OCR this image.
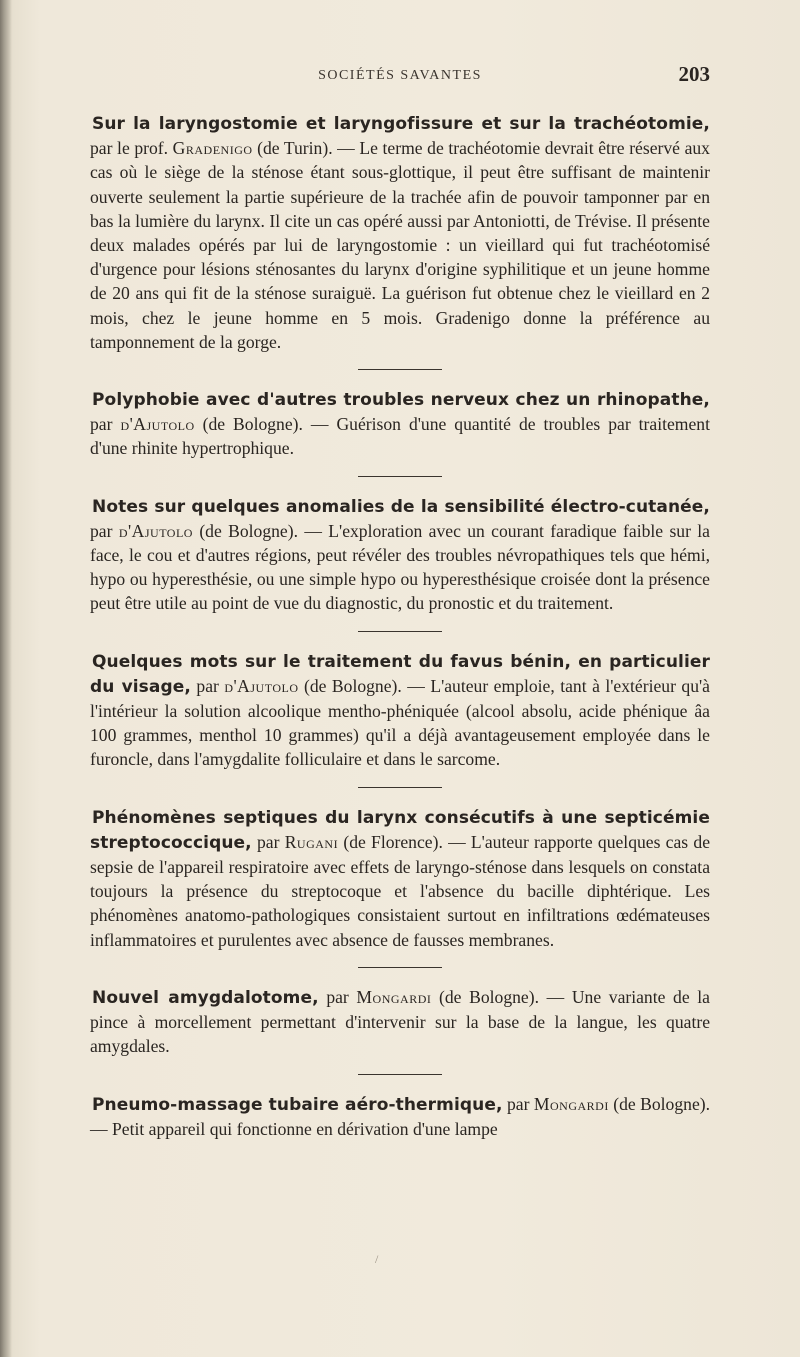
SOCIÉTÉS SAVANTES	203

Sur la laryngostomie et laryngofissure et sur la trachéotomie, par le prof. Gradenigo (de Turin). — Le terme de trachéotomie devrait être réservé aux cas où le siège de la sténose étant sous-glottique, il peut être suffisant de maintenir ouverte seulement la partie supérieure de la trachée afin de pouvoir tamponner par en bas la lumière du larynx. Il cite un cas opéré aussi par Antoniotti, de Trévise. Il présente deux malades opérés par lui de laryngostomie : un vieillard qui fut trachéotomisé d'urgence pour lésions sténosantes du larynx d'origine syphilitique et un jeune homme de 20 ans qui fit de la sténose suraiguë. La guérison fut obtenue chez le vieillard en 2 mois, chez le jeune homme en 5 mois. Gradenigo donne la préférence au tamponnement de la gorge.

Polyphobie avec d'autres troubles nerveux chez un rhinopathe, par d'Ajutolo (de Bologne). — Guérison d'une quantité de troubles par traitement d'une rhinite hypertrophique.

Notes sur quelques anomalies de la sensibilité électro-cutanée, par d'Ajutolo (de Bologne). — L'exploration avec un courant faradique faible sur la face, le cou et d'autres régions, peut révéler des troubles névropathiques tels que hémi, hypo ou hyperesthésie, ou une simple hypo ou hyperesthésique croisée dont la présence peut être utile au point de vue du diagnostic, du pronostic et du traitement.

Quelques mots sur le traitement du favus bénin, en particulier du visage, par d'Ajutolo (de Bologne). — L'auteur emploie, tant à l'extérieur qu'à l'intérieur la solution alcoolique mentho-phéniquée (alcool absolu, acide phénique âa 100 grammes, menthol 10 grammes) qu'il a déjà avantageusement employée dans le furoncle, dans l'amygdalite folliculaire et dans le sarcome.

Phénomènes septiques du larynx consécutifs à une septicémie streptococcique, par Rugani (de Florence). — L'auteur rapporte quelques cas de sepsie de l'appareil respiratoire avec effets de laryngo-sténose dans lesquels on constata toujours la présence du streptocoque et l'absence du bacille diphtérique. Les phénomènes anatomo-pathologiques consistaient surtout en infiltrations œdémateuses inflammatoires et purulentes avec absence de fausses membranes.

Nouvel amygdalotome, par Mongardi (de Bologne). — Une variante de la pince à morcellement permettant d'intervenir sur la base de la langue, les quatre amygdales.

Pneumo-massage tubaire aéro-thermique, par Mongardi (de Bologne). — Petit appareil qui fonctionne en dérivation d'une lampe

/
